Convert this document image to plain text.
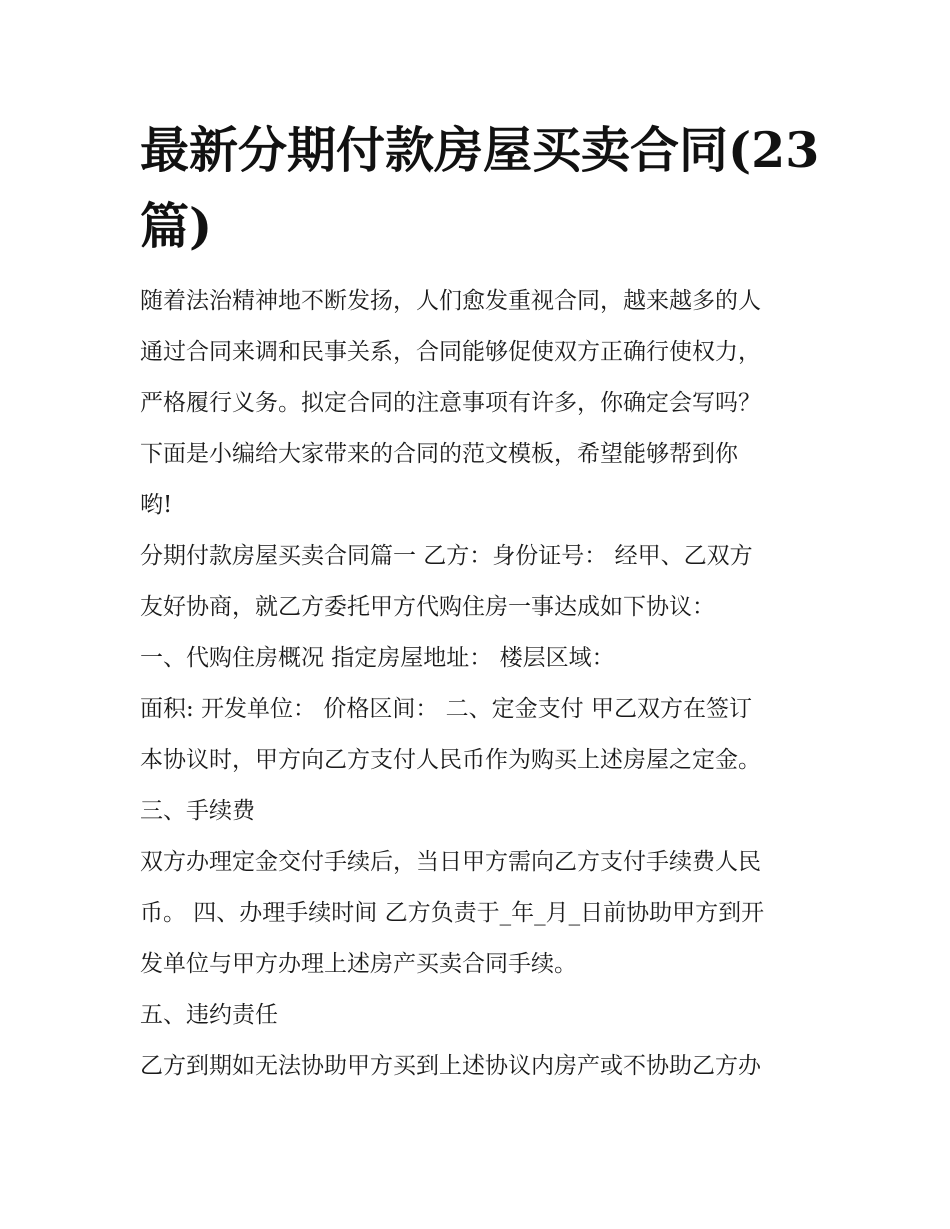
最新分期付款房屋买卖合同(23
篇)

随着法治精神地不断发扬，人们愈发重视合同，越来越多的人

通过合同来调和民事关系，合同能够促使双方正确行使权力，

严格履行义务。拟定合同的注意事项有许多，你确定会写吗？

下面是小编给大家带来的合同的范文模板，希望能够帮到你

哟!

分期付款房屋买卖合同篇一 乙方：身份证号： 经甲、乙双方

友好协商，就乙方委托甲方代购住房一事达成如下协议：

一、代购住房概况 指定房屋地址： 楼层区域：

面积: 开发单位： 价格区间： 二、定金支付 甲乙双方在签订

本协议时，甲方向乙方支付人民币作为购买上述房屋之定金。

三、手续费

双方办理定金交付手续后，当日甲方需向乙方支付手续费人民

币。 四、办理手续时间 乙方负责于_年_月_日前协助甲方到开

发单位与甲方办理上述房产买卖合同手续。

五、违约责任

乙方到期如无法协助甲方买到上述协议内房产或不协助乙方办
